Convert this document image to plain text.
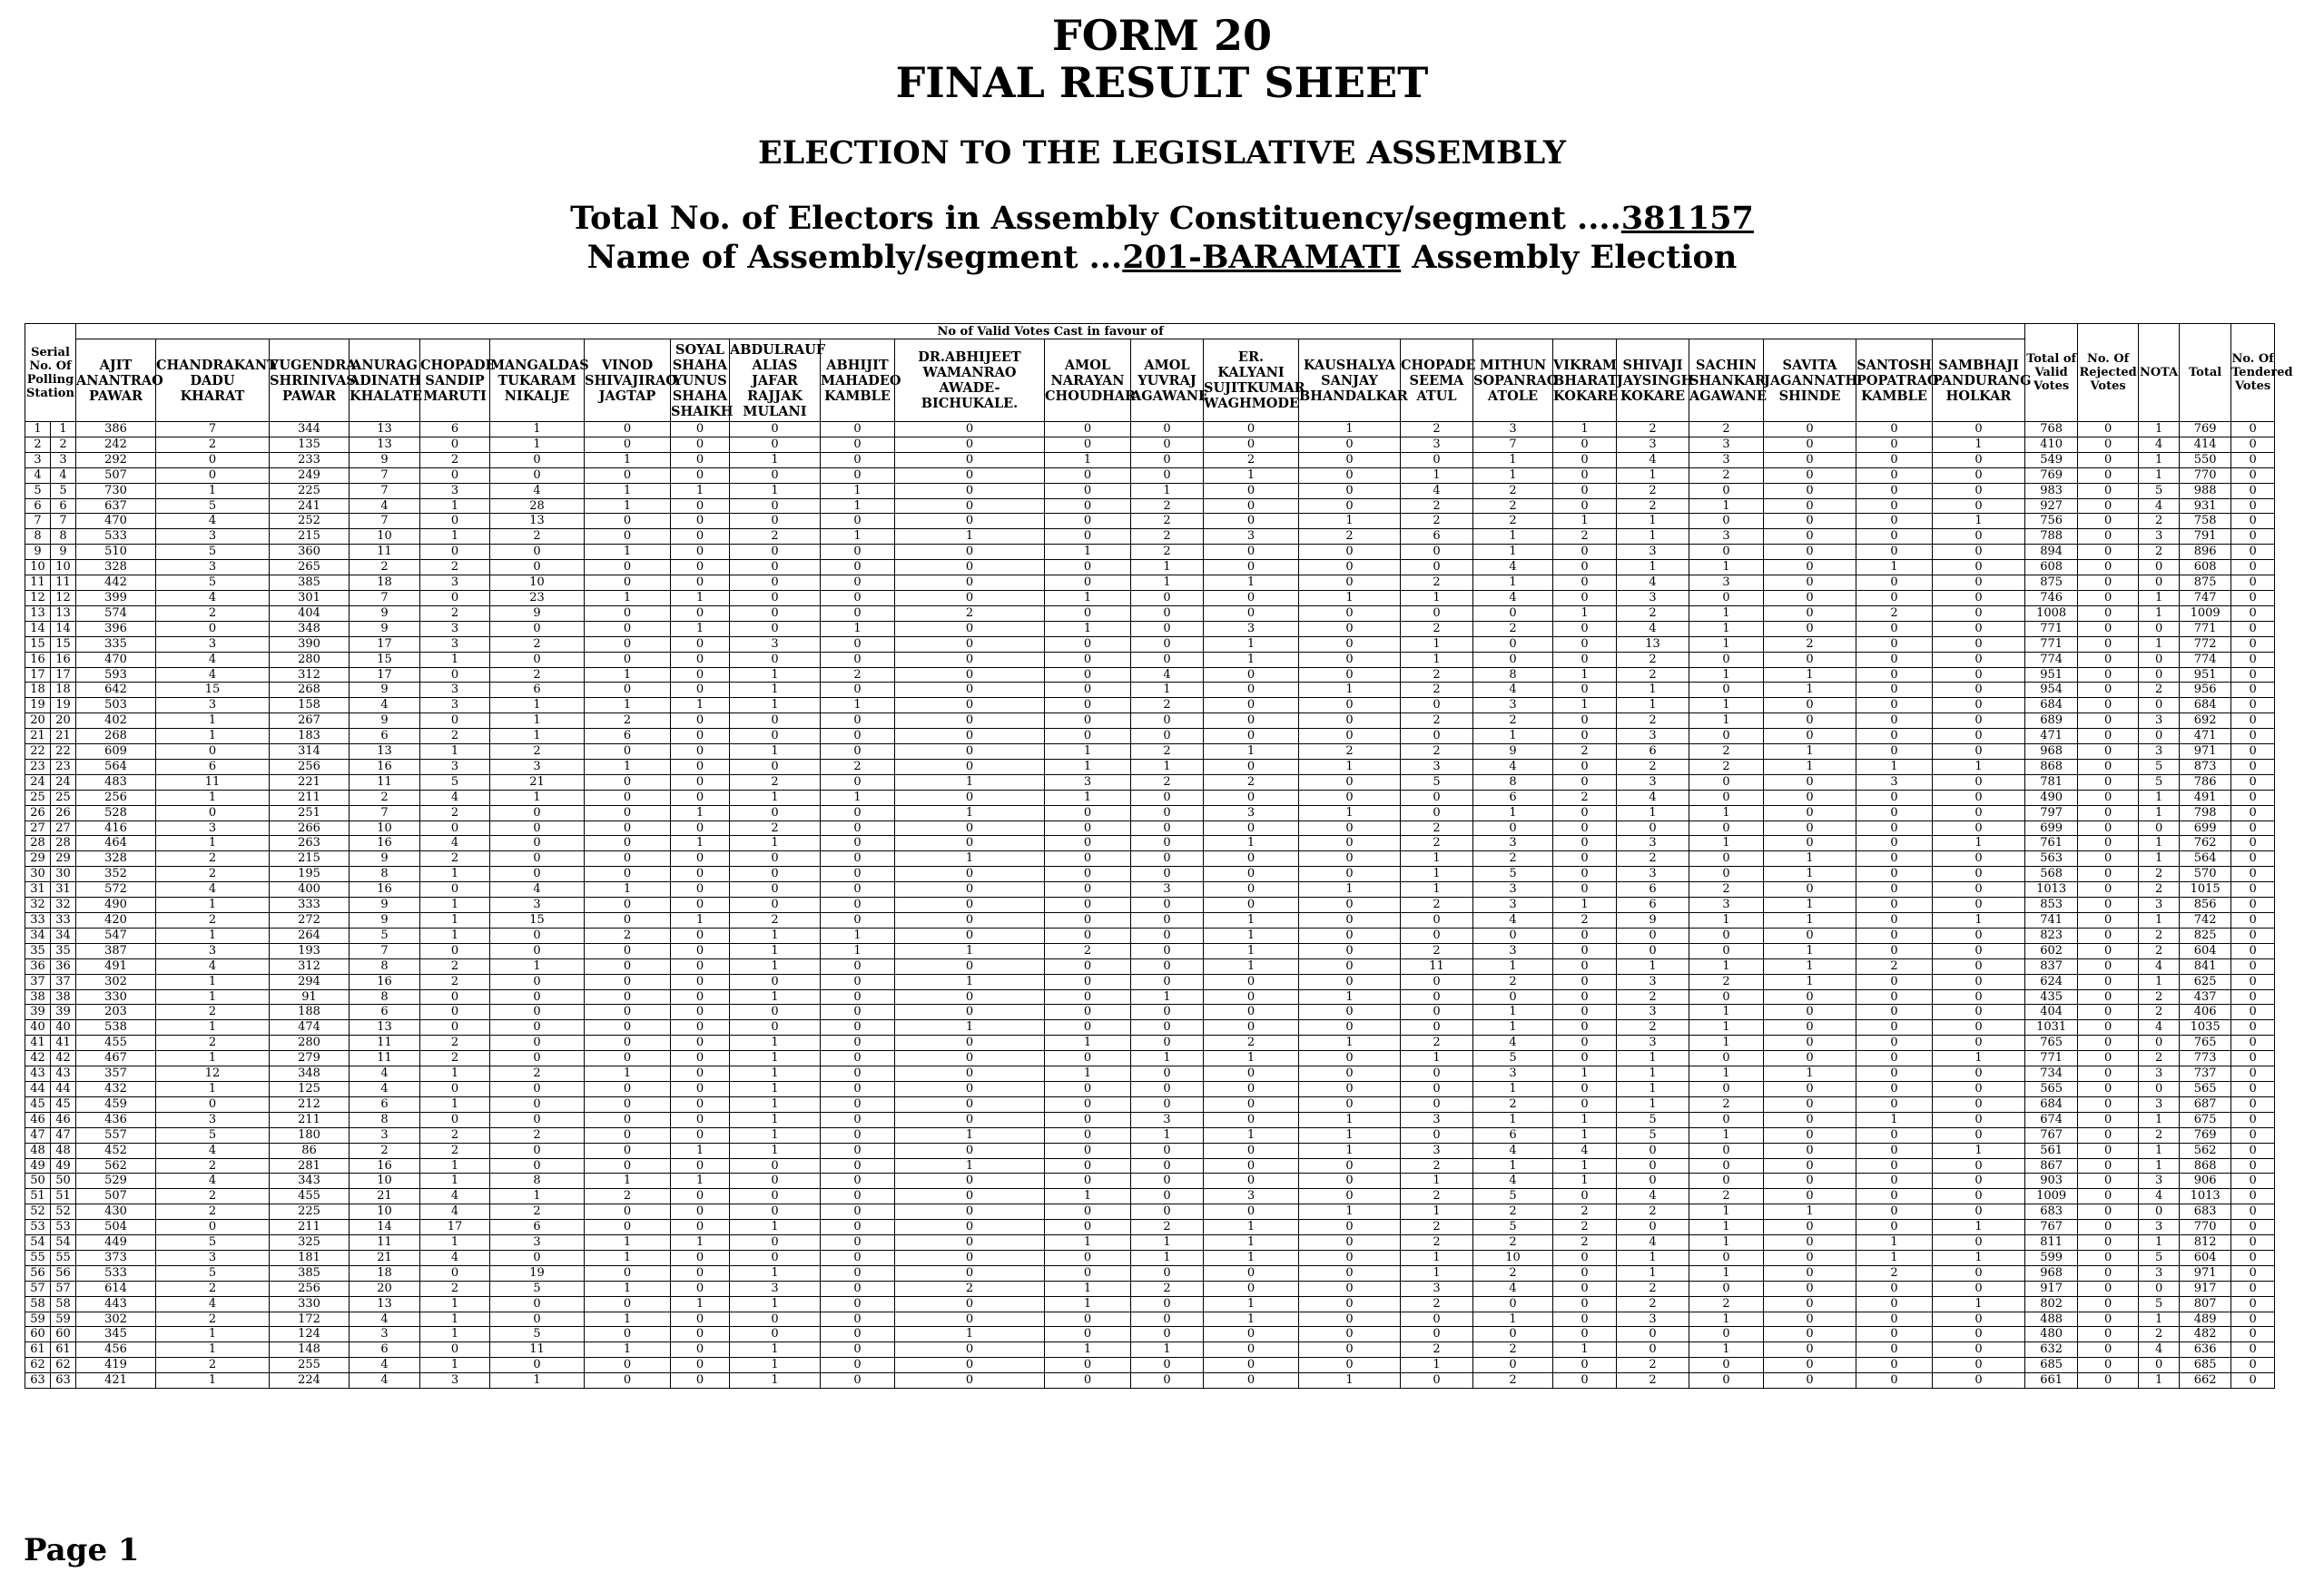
FORM 20
FINAL RESULT SHEET
ELECTION TO THE LEGISLATIVE ASSEMBLY
Total No. of Electors in Assembly Constituency/segment ....381157
Name of Assembly/segment ...201-BARAMATI Assembly Election
Serial No. Of Polling Station		No of Valid Votes Cast in favour of																							Total of Valid Votes	No. Of Rejected Votes	NOTA	Total	No. Of Tendered Votes
		AJIT ANANTRAO PAWAR	CHANDRAKANT DADU KHARAT	YUGENDRA SHRINIVAS PAWAR	ANURAG ADINATH KHALATE	CHOPADE SANDIP MARUTI	MANGALDAS TUKARAM NIKALJE	VINOD SHIVAJIRAO JAGTAP	SOYAL SHAHA YUNUS SHAHA SHAIKH	ABDULRAUF ALIAS JAFAR RAJJAK MULANI	ABHIJIT MAHADEO KAMBLE	DR.ABHIJEET WAMANRAO AWADE-BICHUKALE.	AMOL NARAYAN CHOUDHAR	AMOL YUVRAJ AGAWANE	ER. KALYANI SUJITKUMAR WAGHMODE	KAUSHALYA SANJAY BHANDALKAR	CHOPADE SEEMA ATUL	MITHUN SOPANRAO ATOLE	VIKRAM BHARAT KOKARE	SHIVAJI JAYSINGH KOKARE	SACHIN SHANKAR AGAWANE	SAVITA JAGANNATH SHINDE	SANTOSH POPATRAO KAMBLE	SAMBHAJI PANDURANG HOLKAR					
1	1	386	7	344	13	6	1	0	0	0	0	0	0	0	0	1	2	3	1	2	2	0	0	0	768	0	1	769	0
2	2	242	2	135	13	0	1	0	0	0	0	0	0	0	0	0	3	7	0	3	3	0	0	1	410	0	4	414	0
3	3	292	0	233	9	2	0	1	0	1	0	0	1	0	2	0	0	1	0	4	3	0	0	0	549	0	1	550	0
4	4	507	0	249	7	0	0	0	0	0	0	0	0	0	1	0	1	1	0	1	2	0	0	0	769	0	1	770	0
5	5	730	1	225	7	3	4	1	1	1	1	0	0	1	0	0	4	2	0	2	0	0	0	0	983	0	5	988	0
6	6	637	5	241	4	1	28	1	0	0	1	0	0	2	0	0	2	2	0	2	1	0	0	0	927	0	4	931	0
7	7	470	4	252	7	0	13	0	0	0	0	0	0	2	0	1	2	2	1	1	0	0	0	1	756	0	2	758	0
8	8	533	3	215	10	1	2	0	0	2	1	1	0	2	3	2	6	1	2	1	3	0	0	0	788	0	3	791	0
9	9	510	5	360	11	0	0	1	0	0	0	0	1	2	0	0	0	1	0	3	0	0	0	0	894	0	2	896	0
10	10	328	3	265	2	2	0	0	0	0	0	0	0	1	0	0	0	4	0	1	1	0	1	0	608	0	0	608	0
11	11	442	5	385	18	3	10	0	0	0	0	0	0	1	1	0	2	1	0	4	3	0	0	0	875	0	0	875	0
12	12	399	4	301	7	0	23	1	1	0	0	0	1	0	0	1	1	4	0	3	0	0	0	0	746	0	1	747	0
13	13	574	2	404	9	2	9	0	0	0	0	2	0	0	0	0	0	0	1	2	1	0	2	0	1008	0	1	1009	0
14	14	396	0	348	9	3	0	0	1	0	1	0	1	0	3	0	2	2	0	4	1	0	0	0	771	0	0	771	0
15	15	335	3	390	17	3	2	0	0	3	0	0	0	0	1	0	1	0	0	13	1	2	0	0	771	0	1	772	0
16	16	470	4	280	15	1	0	0	0	0	0	0	0	0	1	0	1	0	0	2	0	0	0	0	774	0	0	774	0
17	17	593	4	312	17	0	2	1	0	1	2	0	0	4	0	0	2	8	1	2	1	1	0	0	951	0	0	951	0
18	18	642	15	268	9	3	6	0	0	1	0	0	0	1	0	1	2	4	0	1	0	1	0	0	954	0	2	956	0
19	19	503	3	158	4	3	1	1	1	1	1	0	0	2	0	0	0	3	1	1	1	0	0	0	684	0	0	684	0
20	20	402	1	267	9	0	1	2	0	0	0	0	0	0	0	0	2	2	0	2	1	0	0	0	689	0	3	692	0
21	21	268	1	183	6	2	1	6	0	0	0	0	0	0	0	0	0	1	0	3	0	0	0	0	471	0	0	471	0
22	22	609	0	314	13	1	2	0	0	1	0	0	1	2	1	2	2	9	2	6	2	1	0	0	968	0	3	971	0
23	23	564	6	256	16	3	3	1	0	0	2	0	1	1	0	1	3	4	0	2	2	1	1	1	868	0	5	873	0
24	24	483	11	221	11	5	21	0	0	2	0	1	3	2	2	0	5	8	0	3	0	0	3	0	781	0	5	786	0
25	25	256	1	211	2	4	1	0	0	1	1	0	1	0	0	0	0	6	2	4	0	0	0	0	490	0	1	491	0
26	26	528	0	251	7	2	0	0	1	0	0	1	0	0	3	1	0	1	0	1	1	0	0	0	797	0	1	798	0
27	27	416	3	266	10	0	0	0	0	2	0	0	0	0	0	0	2	0	0	0	0	0	0	0	699	0	0	699	0
28	28	464	1	263	16	4	0	0	1	1	0	0	0	0	1	0	2	3	0	3	1	0	0	1	761	0	1	762	0
29	29	328	2	215	9	2	0	0	0	0	0	1	0	0	0	0	1	2	0	2	0	1	0	0	563	0	1	564	0
30	30	352	2	195	8	1	0	0	0	0	0	0	0	0	0	0	1	5	0	3	0	1	0	0	568	0	2	570	0
31	31	572	4	400	16	0	4	1	0	0	0	0	0	3	0	1	1	3	0	6	2	0	0	0	1013	0	2	1015	0
32	32	490	1	333	9	1	3	0	0	0	0	0	0	0	0	0	2	3	1	6	3	1	0	0	853	0	3	856	0
33	33	420	2	272	9	1	15	0	1	2	0	0	0	0	1	0	0	4	2	9	1	1	0	1	741	0	1	742	0
34	34	547	1	264	5	1	0	2	0	1	1	0	0	0	1	0	0	0	0	0	0	0	0	0	823	0	2	825	0
35	35	387	3	193	7	0	0	0	0	1	1	1	2	0	1	0	2	3	0	0	0	1	0	0	602	0	2	604	0
36	36	491	4	312	8	2	1	0	0	1	0	0	0	0	1	0	11	1	0	1	1	1	2	0	837	0	4	841	0
37	37	302	1	294	16	2	0	0	0	0	0	1	0	0	0	0	0	2	0	3	2	1	0	0	624	0	1	625	0
38	38	330	1	91	8	0	0	0	0	1	0	0	0	1	0	1	0	0	0	2	0	0	0	0	435	0	2	437	0
39	39	203	2	188	6	0	0	0	0	0	0	0	0	0	0	0	0	1	0	3	1	0	0	0	404	0	2	406	0
40	40	538	1	474	13	0	0	0	0	0	0	1	0	0	0	0	0	1	0	2	1	0	0	0	1031	0	4	1035	0
41	41	455	2	280	11	2	0	0	0	1	0	0	1	0	2	1	2	4	0	3	1	0	0	0	765	0	0	765	0
42	42	467	1	279	11	2	0	0	0	1	0	0	0	1	1	0	1	5	0	1	0	0	0	1	771	0	2	773	0
43	43	357	12	348	4	1	2	1	0	1	0	0	1	0	0	0	0	3	1	1	1	1	0	0	734	0	3	737	0
44	44	432	1	125	4	0	0	0	0	1	0	0	0	0	0	0	0	1	0	1	0	0	0	0	565	0	0	565	0
45	45	459	0	212	6	1	0	0	0	1	0	0	0	0	0	0	0	2	0	1	2	0	0	0	684	0	3	687	0
46	46	436	3	211	8	0	0	0	0	1	0	0	0	3	0	1	3	1	1	5	0	0	1	0	674	0	1	675	0
47	47	557	5	180	3	2	2	0	0	1	0	1	0	1	1	1	0	6	1	5	1	0	0	0	767	0	2	769	0
48	48	452	4	86	2	2	0	0	1	1	0	0	0	0	0	1	3	4	4	0	0	0	0	1	561	0	1	562	0
49	49	562	2	281	16	1	0	0	0	0	0	1	0	0	0	0	2	1	1	0	0	0	0	0	867	0	1	868	0
50	50	529	4	343	10	1	8	1	1	0	0	0	0	0	0	0	1	4	1	0	0	0	0	0	903	0	3	906	0
51	51	507	2	455	21	4	1	2	0	0	0	0	1	0	3	0	2	5	0	4	2	0	0	0	1009	0	4	1013	0
52	52	430	2	225	10	4	2	0	0	0	0	0	0	0	0	1	1	2	2	2	1	1	0	0	683	0	0	683	0
53	53	504	0	211	14	17	6	0	0	1	0	0	0	2	1	0	2	5	2	0	1	0	0	1	767	0	3	770	0
54	54	449	5	325	11	1	3	1	1	0	0	0	1	1	1	0	2	2	2	4	1	0	1	0	811	0	1	812	0
55	55	373	3	181	21	4	0	1	0	0	0	0	0	1	1	0	1	10	0	1	0	0	1	1	599	0	5	604	0
56	56	533	5	385	18	0	19	0	0	1	0	0	0	0	0	0	1	2	0	1	1	0	2	0	968	0	3	971	0
57	57	614	2	256	20	2	5	1	0	3	0	2	1	2	0	0	3	4	0	2	0	0	0	0	917	0	0	917	0
58	58	443	4	330	13	1	0	0	1	1	0	0	1	0	1	0	2	0	0	2	2	0	0	1	802	0	5	807	0
59	59	302	2	172	4	1	0	1	0	0	0	0	0	0	1	0	0	1	0	3	1	0	0	0	488	0	1	489	0
60	60	345	1	124	3	1	5	0	0	0	0	1	0	0	0	0	0	0	0	0	0	0	0	0	480	0	2	482	0
61	61	456	1	148	6	0	11	1	0	1	0	0	1	1	0	0	2	2	1	0	1	0	0	0	632	0	4	636	0
62	62	419	2	255	4	1	0	0	0	1	0	0	0	0	0	0	1	0	0	2	0	0	0	0	685	0	0	685	0
63	63	421	1	224	4	3	1	0	0	1	0	0	0	0	0	1	0	2	0	2	0	0	0	0	661	0	1	662	0
Page 1
